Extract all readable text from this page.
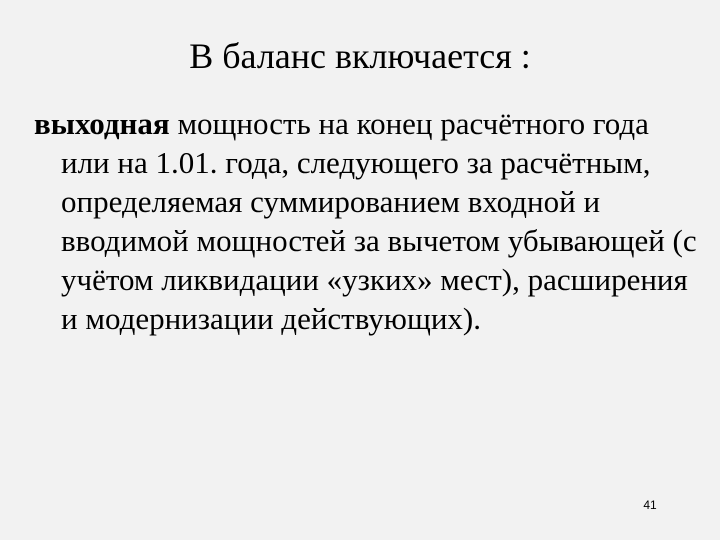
В баланс включается :

выходная мощность на конец расчётного года или на 1.01. года, следующего за расчётным, определяемая суммированием входной и вводимой мощностей за вычетом убывающей (с учётом ликвидации «узких» мест), расширения и модернизации действующих).

41
